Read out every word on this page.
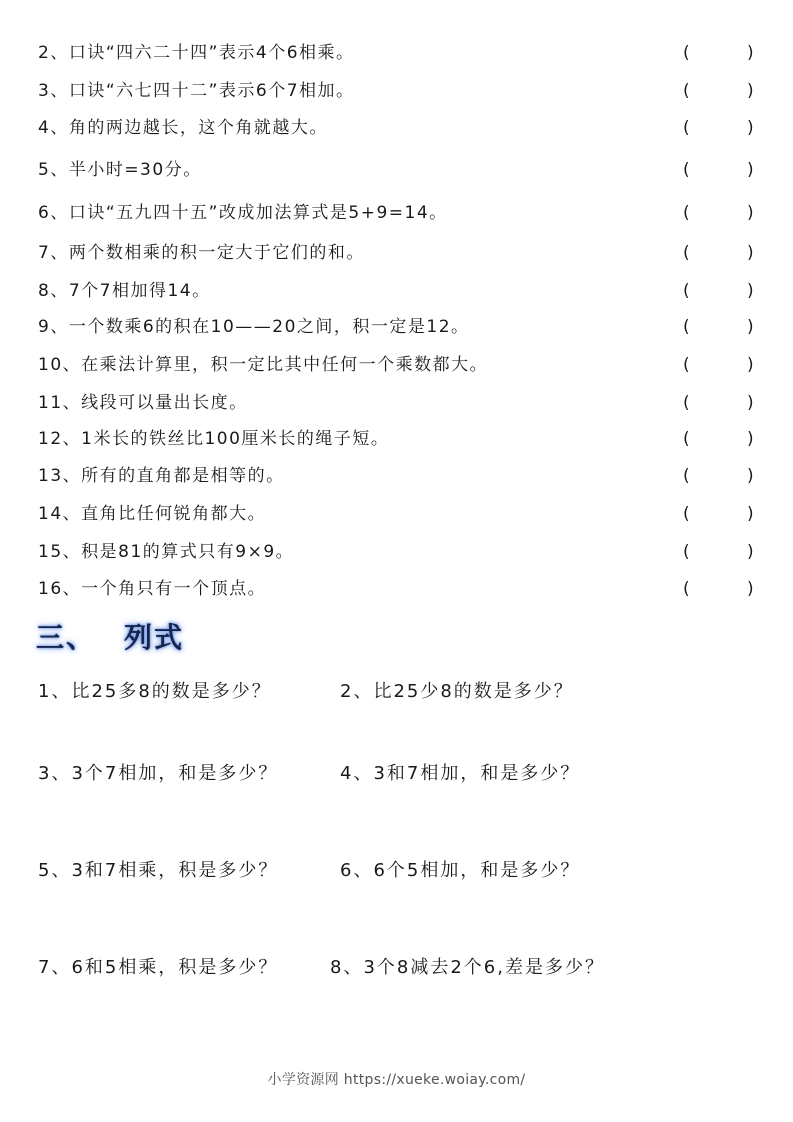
2、口诀“四六二十四”表示4个6相乘。	(	)
3、口诀“六七四十二”表示6个7相加。	(	)
4、角的两边越长，这个角就越大。	(	)
5、半小时=30分。	(	)
6、口诀“五九四十五”改成加法算式是5+9=14。	(	)
7、两个数相乘的积一定大于它们的和。	(	)
8、7个7相加得14。	(	)
9、一个数乘6的积在10——20之间，积一定是12。	(	)
10、在乘法计算里，积一定比其中任何一个乘数都大。	(	)
11、线段可以量出长度。	(	)
12、1米长的铁丝比100厘米长的绳子短。	(	)
13、所有的直角都是相等的。	(	)
14、直角比任何锐角都大。	(	)
15、积是81的算式只有9×9。	(	)
16、一个角只有一个顶点。	(	)
三、 列式
1、比25多8的数是多少？	2、比25少8的数是多少？
3、3个7相加，和是多少？	4、3和7相加，和是多少？
5、3和7相乘，积是多少？	6、6个5相加，和是多少？
7、6和5相乘，积是多少？	8、3个8减去2个6,差是多少？
小学资源网 https://xueke.woiay.com/
